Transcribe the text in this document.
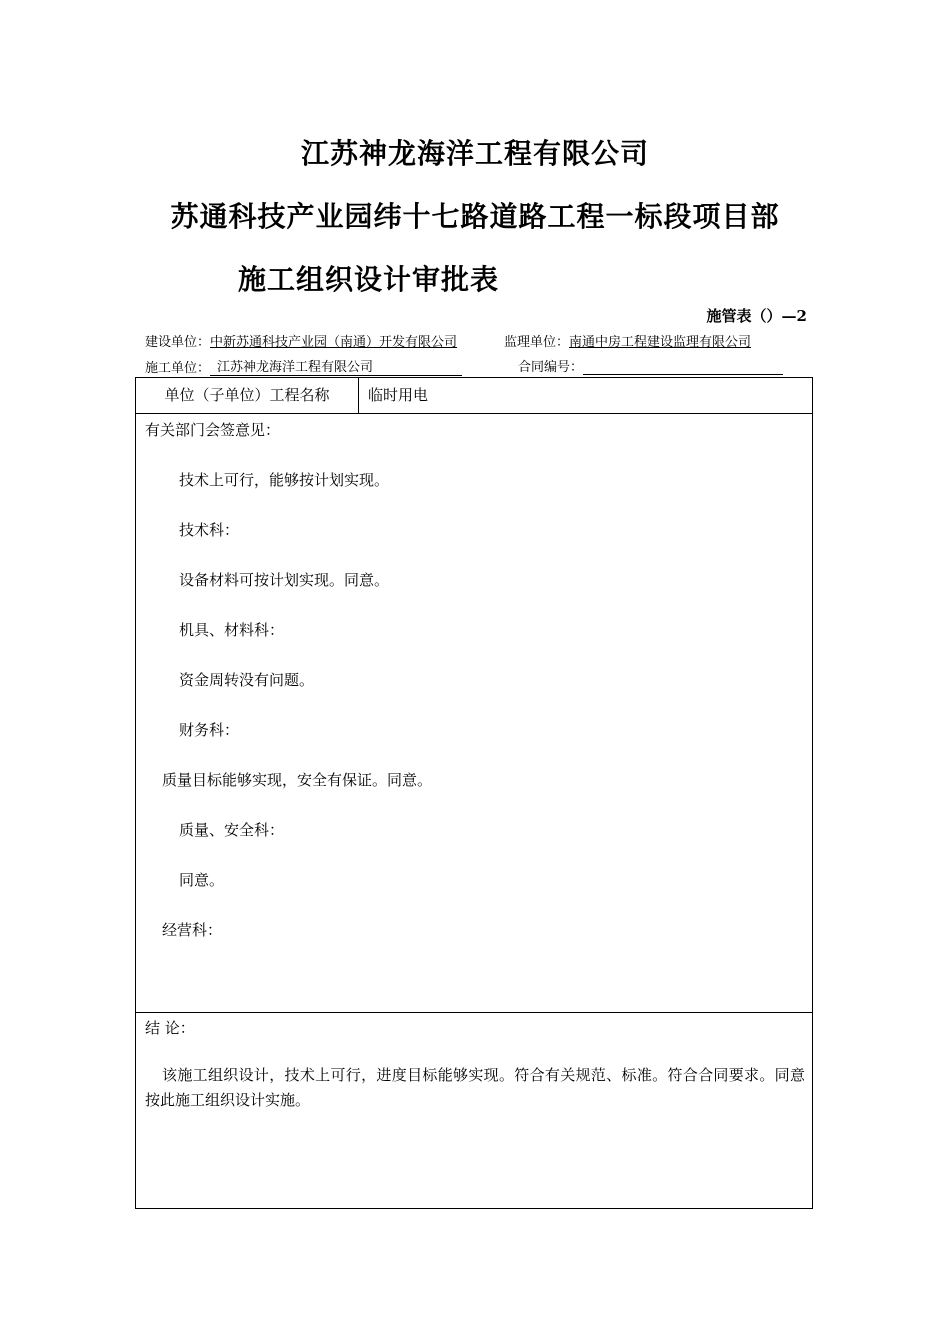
江苏神龙海洋工程有限公司
苏通科技产业园纬十七路道路工程一标段项目部
施工组织设计审批表
施管表（）—2
建设单位：中新苏通科技产业园（南通）开发有限公司	监理单位：南通中房工程建设监理有限公司
施工单位： 江苏神龙海洋工程有限公司	合同编号：
单位（子单位）工程名称	临时用电
有关部门会签意见：
技术上可行，能够按计划实现。
技术科：
设备材料可按计划实现。同意。
机具、材料科：
资金周转没有问题。
财务科：
质量目标能够实现，安全有保证。同意。
质量、安全科：
同意。
经营科：
结 论：
该施工组织设计，技术上可行，进度目标能够实现。符合有关规范、标准。符合合同要求。同意按此施工组织设计实施。
